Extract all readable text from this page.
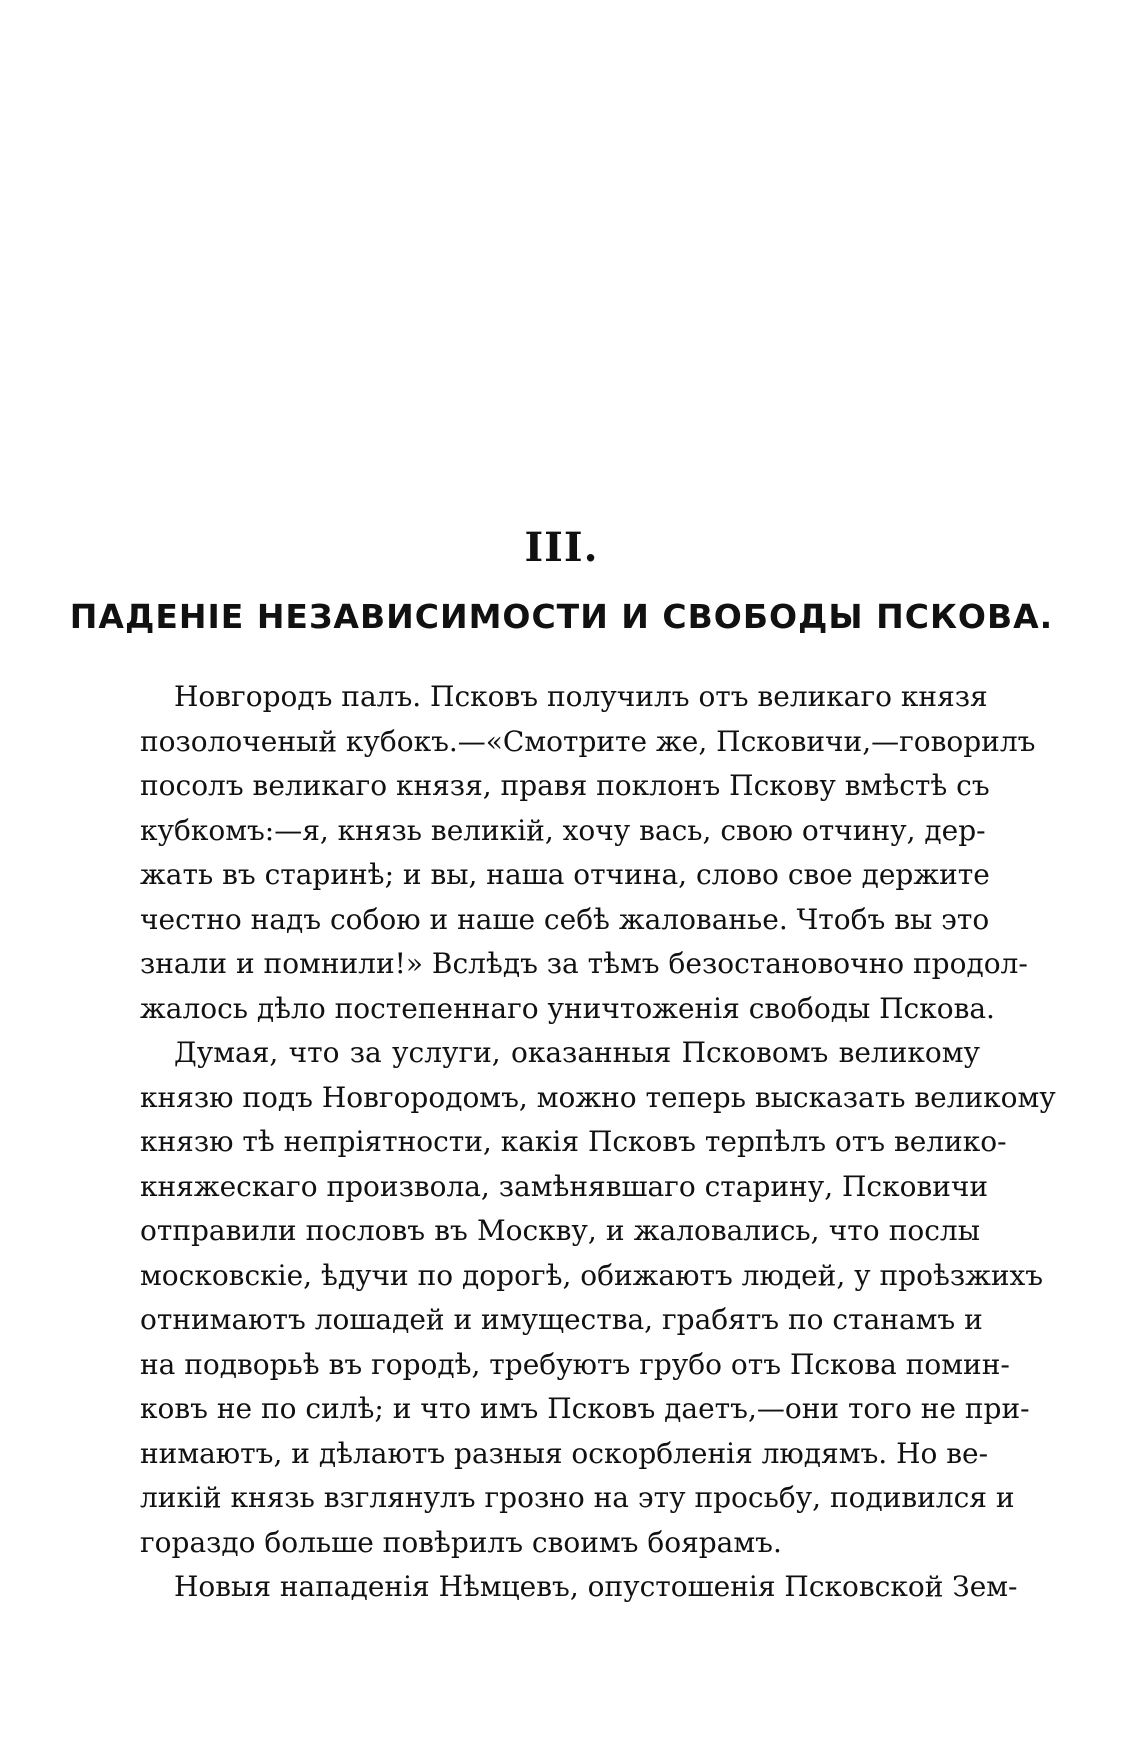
III.
ПАДЕНІЕ НЕЗАВИСИМОСТИ И СВОБОДЫ ПСКОВА.
Новгородъ палъ. Псковъ получилъ отъ великаго князя
позолоченый кубокъ.—«Смотрите же, Псковичи,—говорилъ
посолъ великаго князя, правя поклонъ Пскову вмѣстѣ съ
кубкомъ:—я, князь великій, хочу вась, свою отчину, дер-
жать въ старинѣ; и вы, наша отчина, слово свое держите
честно надъ собою и наше себѣ жалованье. Чтобъ вы это
знали и помнили!» Вслѣдъ за тѣмъ безостановочно продол-
жалось дѣло постепеннаго уничтоженія свободы Пскова.
Думая, что за услуги, оказанныя Псковомъ великому
князю подъ Новгородомъ, можно теперь высказать великому
князю тѣ непріятности, какія Псковъ терпѣлъ отъ велико-
княжескаго произвола, замѣнявшаго старину, Псковичи
отправили пословъ въ Москву, и жаловались, что послы
московскіе, ѣдучи по дорогѣ, обижаютъ людей, у проѣзжихъ
отнимаютъ лошадей и имущества, грабятъ по станамъ и
на подворьѣ въ городѣ, требуютъ грубо отъ Пскова помин-
ковъ не по силѣ; и что имъ Псковъ даетъ,—они того не при-
нимаютъ, и дѣлаютъ разныя оскорбленія людямъ. Но ве-
ликій князь взглянулъ грозно на эту просьбу, подивился и
гораздо больше повѣрилъ своимъ боярамъ.
Новыя нападенія Нѣмцевъ, опустошенія Псковской Зем-
